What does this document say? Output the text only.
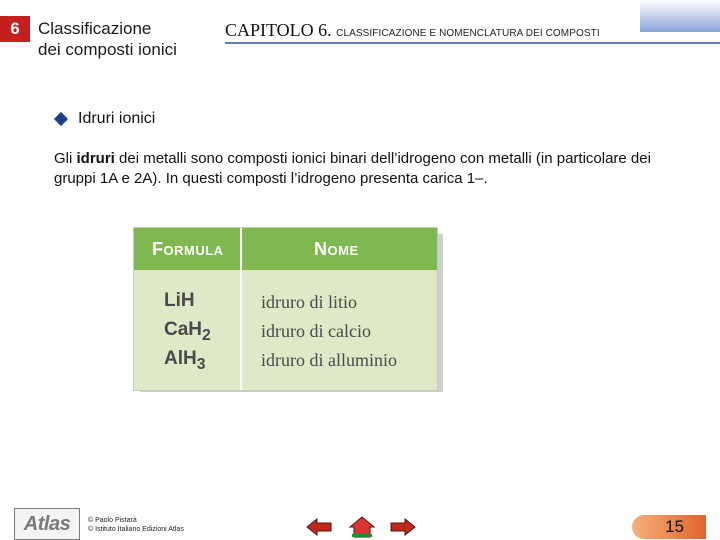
6	Classificazione
dei composti ionici
CAPITOLO 6. CLASSIFICAZIONE E NOMENCLATURA DEI COMPOSTI
Idruri ionici
Gli idruri dei metalli sono composti ionici binari dell’idrogeno con metalli (in particolare dei gruppi 1A e 2A). In questi composti l’idrogeno presenta carica 1–.
Formula	Nome
LiH	idruro di litio
CaH$_2$	idruro di calcio
AlH$_3$	idruro di alluminio
Atlas	© Paolo Pistarà
© Istituto Italiano Edizioni Atlas	15
